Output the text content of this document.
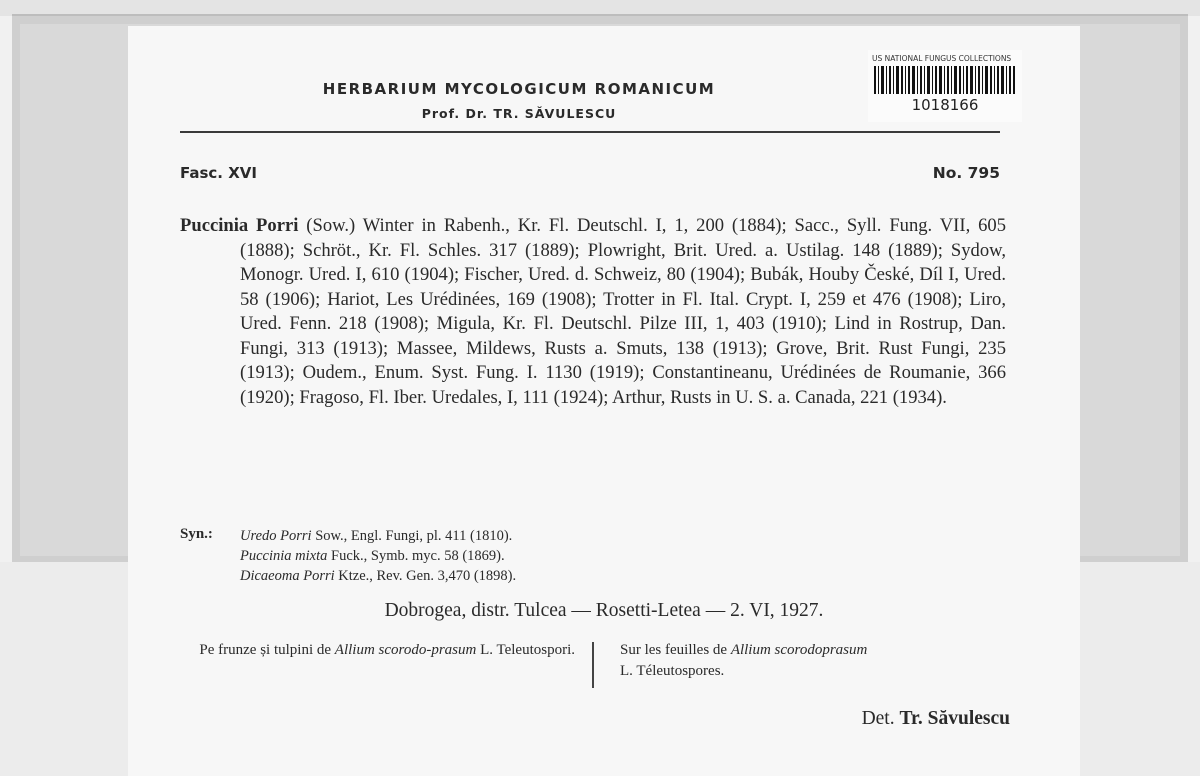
HERBARIUM MYCOLOGICUM ROMANICUM
Prof. Dr. TR. SĂVULESCU
US NATIONAL FUNGUS COLLECTIONS
1018166
Fasc. XVI	No. 795
Puccinia Porri (Sow.) Winter in Rabenh., Kr. Fl. Deutschl. I, 1, 200 (1884); Sacc., Syll. Fung. VII, 605 (1888); Schröt., Kr. Fl. Schles. 317 (1889); Plowright, Brit. Ured. a. Ustilag. 148 (1889); Sydow, Monogr. Ured. I, 610 (1904); Fischer, Ured. d. Schweiz, 80 (1904); Bubák, Houby České, Díl I, Ured. 58 (1906); Hariot, Les Urédinées, 169 (1908); Trotter in Fl. Ital. Crypt. I, 259 et 476 (1908); Liro, Ured. Fenn. 218 (1908); Migula, Kr. Fl. Deutschl. Pilze III, 1, 403 (1910); Lind in Rostrup, Dan. Fungi, 313 (1913); Massee, Mildews, Rusts a. Smuts, 138 (1913); Grove, Brit. Rust Fungi, 235 (1913); Oudem., Enum. Syst. Fung. I. 1130 (1919); Constantineanu, Urédinées de Roumanie, 366 (1920); Fragoso, Fl. Iber. Uredales, I, 111 (1924); Arthur, Rusts in U. S. a. Canada, 221 (1934).
Syn.: Uredo Porri Sow., Engl. Fungi, pl. 411 (1810).
Puccinia mixta Fuck., Symb. myc. 58 (1869).
Dicaeoma Porri Ktze., Rev. Gen. 3,470 (1898).
Dobrogea, distr. Tulcea — Rosetti-Letea — 2. VI, 1927.
Pe frunze și tulpini de Allium scorodo-prasum L. Teleutospori.	Sur les feuilles de Allium scorodoprasum
L. Téleutospores.
Det. Tr. Săvulescu
